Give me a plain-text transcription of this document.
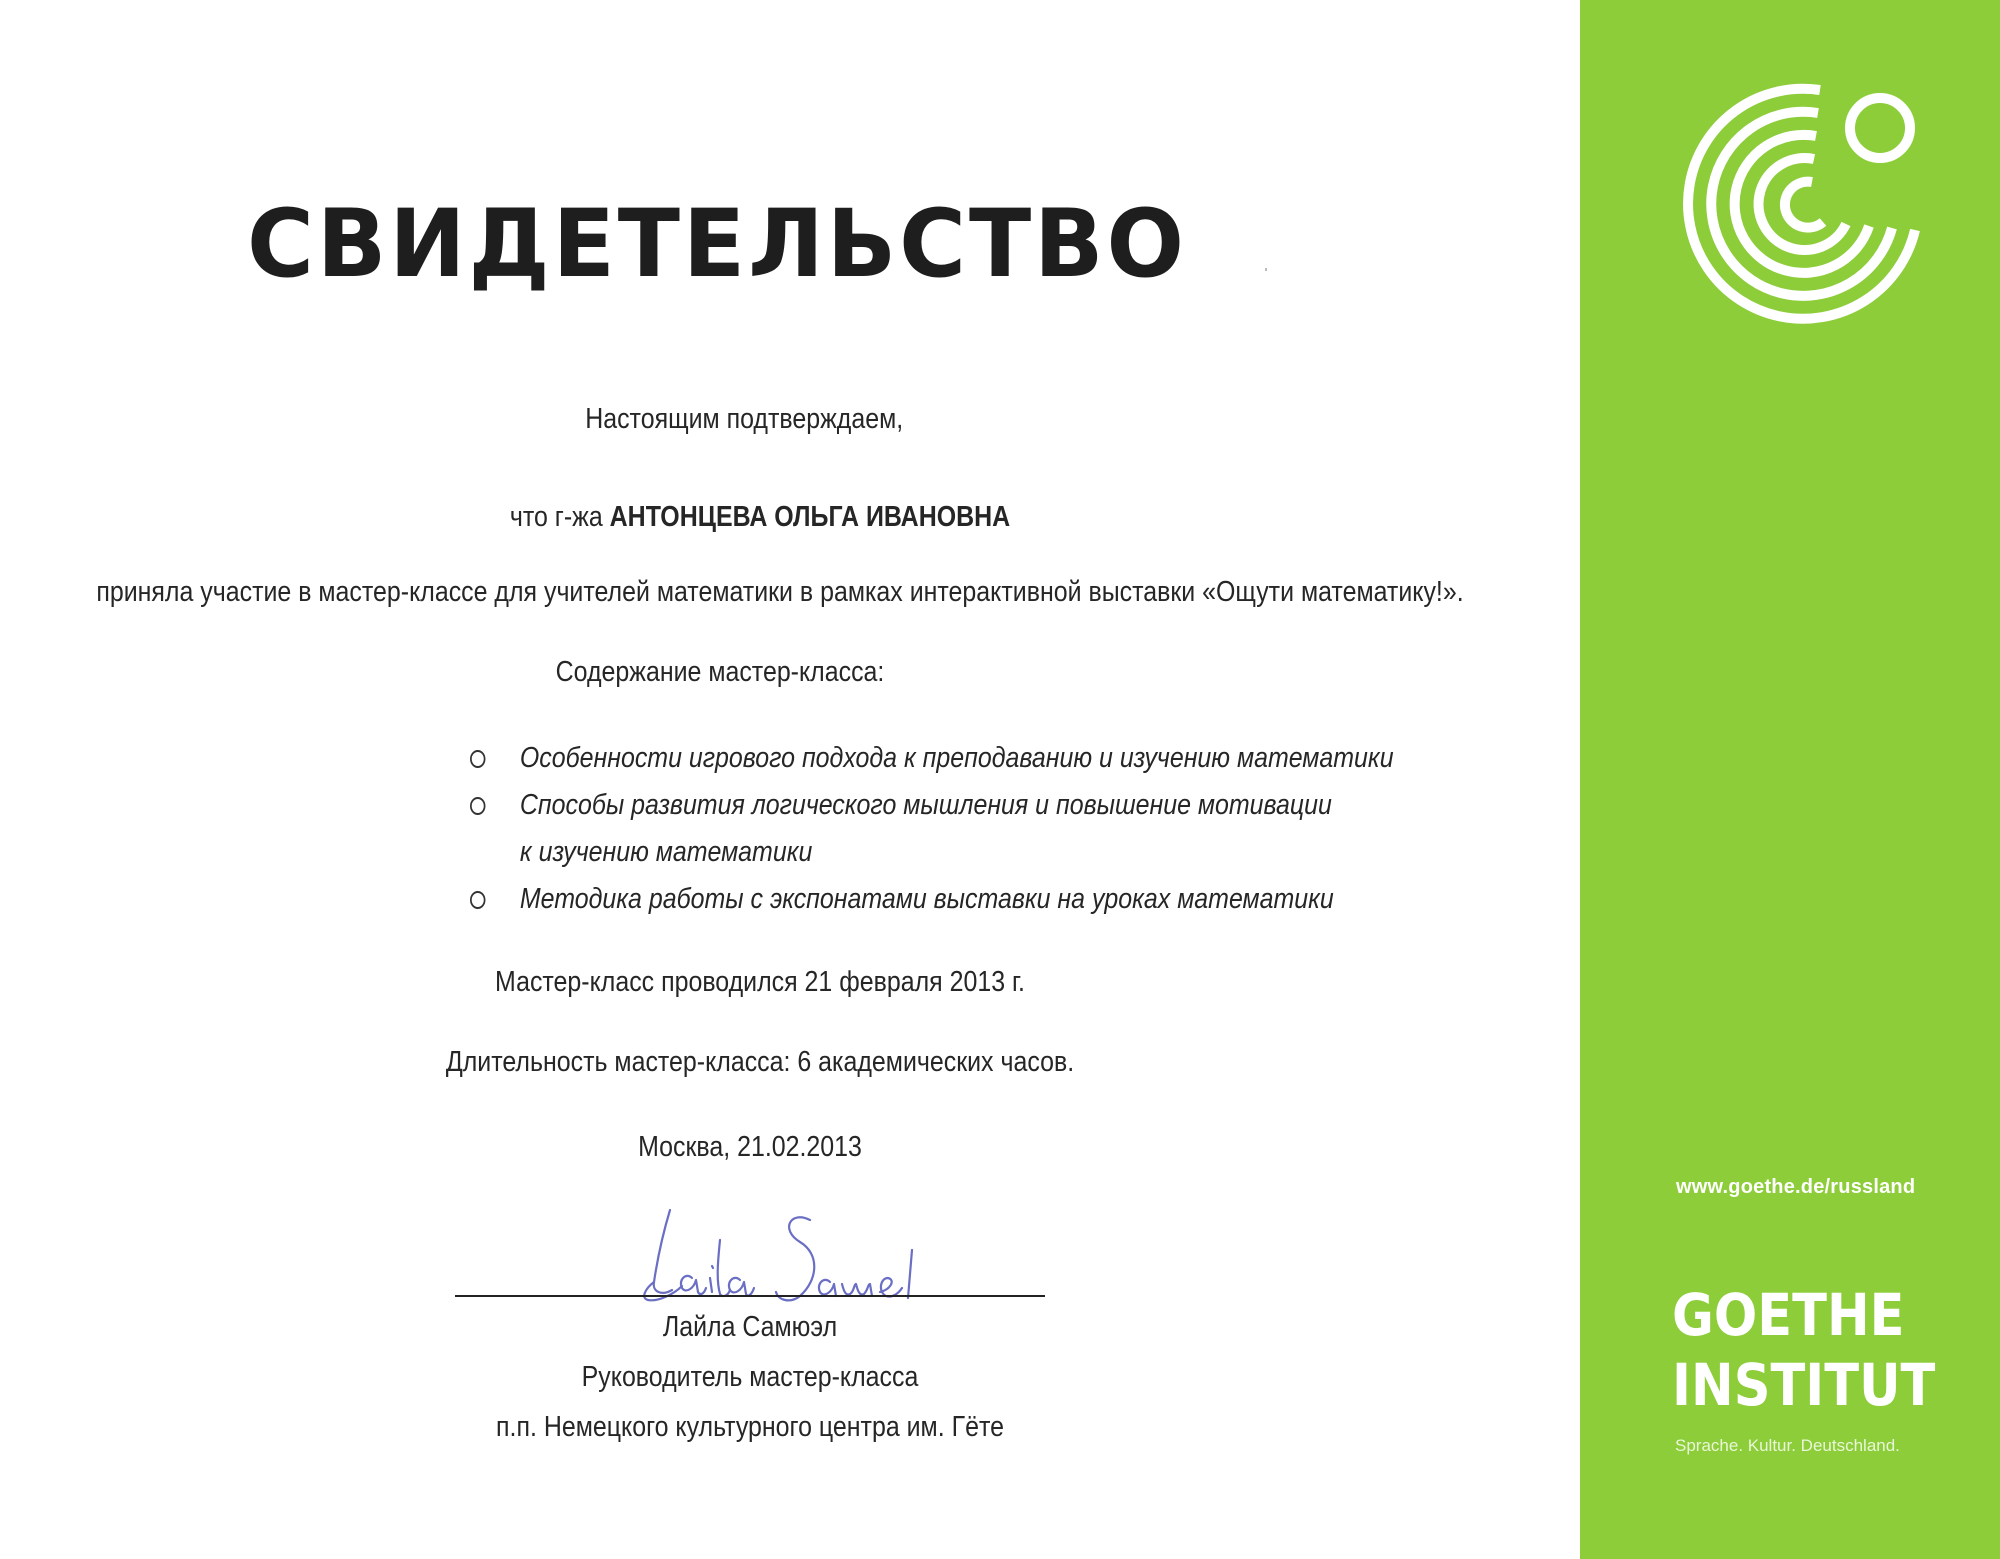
СВИДЕТЕЛЬСТВО
Настоящим подтверждаем,
что г-жа АНТОНЦЕВА ОЛЬГА ИВАНОВНА
приняла участие в мастер-классе для учителей математики в рамках интерактивной выставки «Ощути математику!».
Содержание мастер-класса:
Особенности игрового подхода к преподаванию и изучению математики
Способы развития логического мышления и повышение мотивации
к изучению математики
Методика работы с экспонатами выставки на уроках математики
Мастер-класс проводился 21 февраля 2013 г.
Длительность мастер-класса: 6 академических часов.
Москва, 21.02.2013
Лайла Самюэл
Руководитель мастер-класса
п.п. Немецкого культурного центра им. Гёте
www.goethe.de/russland
GOETHE
INSTITUT
Sprache. Kultur. Deutschland.
